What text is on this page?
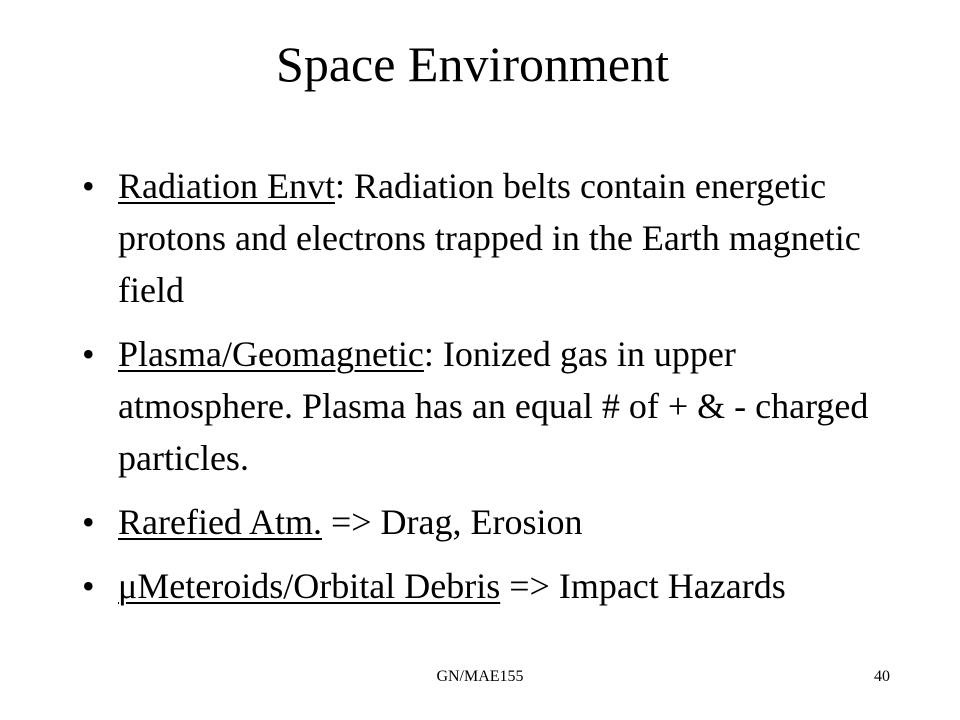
Space Environment
• Radiation Envt: Radiation belts contain energetic protons and electrons trapped in the Earth magnetic field
• Plasma/Geomagnetic: Ionized gas in upper atmosphere. Plasma has an equal # of + & - charged particles.
• Rarefied Atm. => Drag, Erosion
• μMeteroids/Orbital Debris => Impact Hazards
GN/MAE155	40
